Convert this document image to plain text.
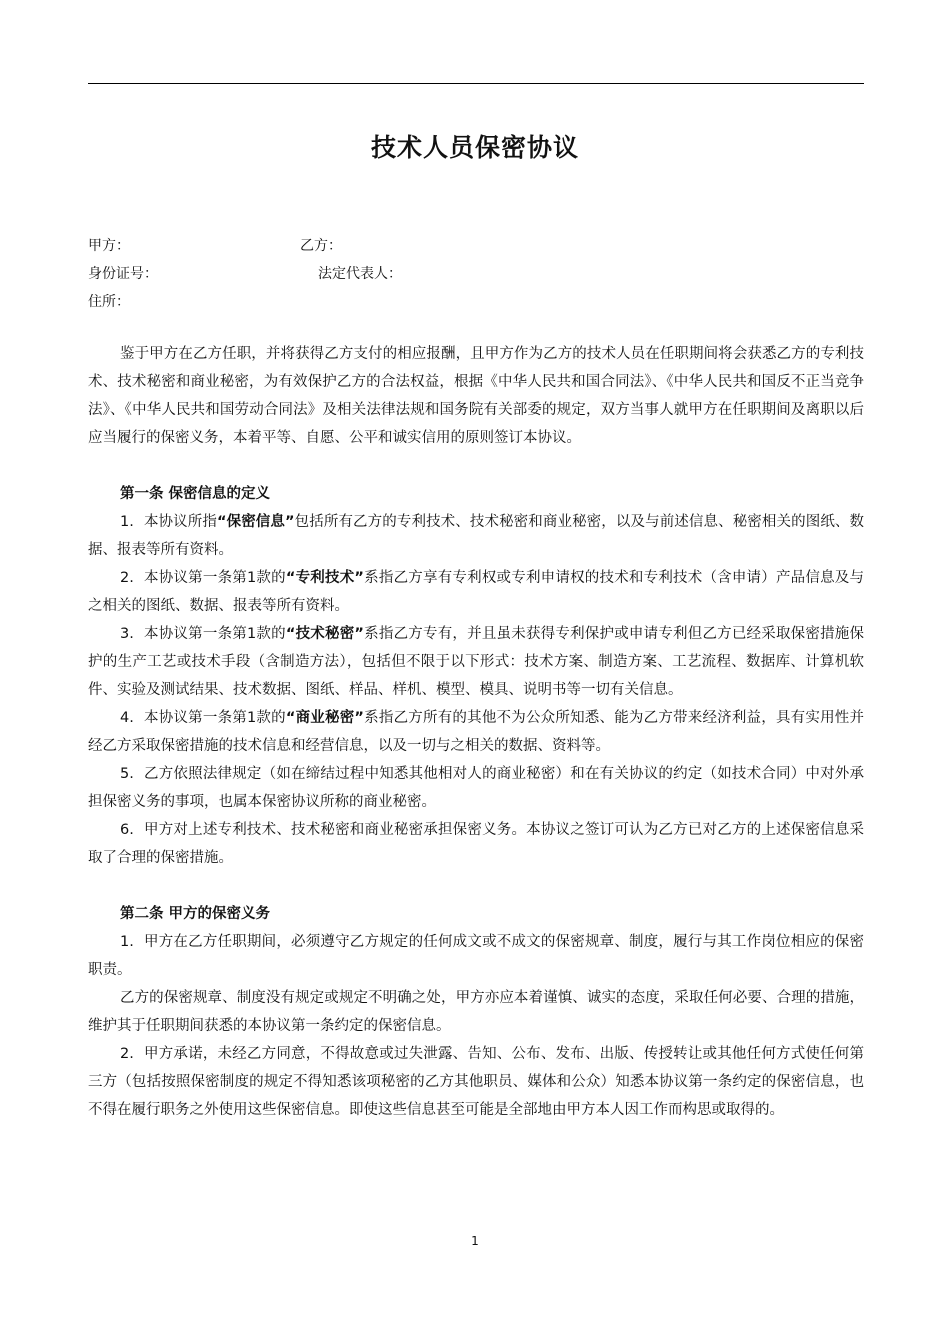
技术人员保密协议
甲方：	乙方：
身份证号：	法定代表人：
住所：

鉴于甲方在乙方任职，并将获得乙方支付的相应报酬，且甲方作为乙方的技术人员在任职期间将会获悉乙方的专利技术、技术秘密和商业秘密，为有效保护乙方的合法权益，根据《中华人民共和国合同法》、《中华人民共和国反不正当竞争法》、《中华人民共和国劳动合同法》及相关法律法规和国务院有关部委的规定，双方当事人就甲方在任职期间及离职以后应当履行的保密义务，本着平等、自愿、公平和诚实信用的原则签订本协议。

第一条 保密信息的定义

1. 本协议所指“保密信息”包括所有乙方的专利技术、技术秘密和商业秘密，以及与前述信息、秘密相关的图纸、数据、报表等所有资料。

2. 本协议第一条第1款的“专利技术”系指乙方享有专利权或专利申请权的技术和专利技术（含申请）产品信息及与之相关的图纸、数据、报表等所有资料。

3. 本协议第一条第1款的“技术秘密”系指乙方专有，并且虽未获得专利保护或申请专利但乙方已经采取保密措施保护的生产工艺或技术手段（含制造方法），包括但不限于以下形式：技术方案、制造方案、工艺流程、数据库、计算机软件、实验及测试结果、技术数据、图纸、样品、样机、模型、模具、说明书等一切有关信息。

4. 本协议第一条第1款的“商业秘密”系指乙方所有的其他不为公众所知悉、能为乙方带来经济利益，具有实用性并经乙方采取保密措施的技术信息和经营信息，以及一切与之相关的数据、资料等。

5. 乙方依照法律规定（如在缔结过程中知悉其他相对人的商业秘密）和在有关协议的约定（如技术合同）中对外承担保密义务的事项，也属本保密协议所称的商业秘密。

6. 甲方对上述专利技术、技术秘密和商业秘密承担保密义务。本协议之签订可认为乙方已对乙方的上述保密信息采取了合理的保密措施。

第二条 甲方的保密义务

1. 甲方在乙方任职期间，必须遵守乙方规定的任何成文或不成文的保密规章、制度，履行与其工作岗位相应的保密职责。

乙方的保密规章、制度没有规定或规定不明确之处，甲方亦应本着谨慎、诚实的态度，采取任何必要、合理的措施，维护其于任职期间获悉的本协议第一条约定的保密信息。

2. 甲方承诺，未经乙方同意，不得故意或过失泄露、告知、公布、发布、出版、传授转让或其他任何方式使任何第三方（包括按照保密制度的规定不得知悉该项秘密的乙方其他职员、媒体和公众）知悉本协议第一条约定的保密信息，也不得在履行职务之外使用这些保密信息。即使这些信息甚至可能是全部地由甲方本人因工作而构思或取得的。

1
